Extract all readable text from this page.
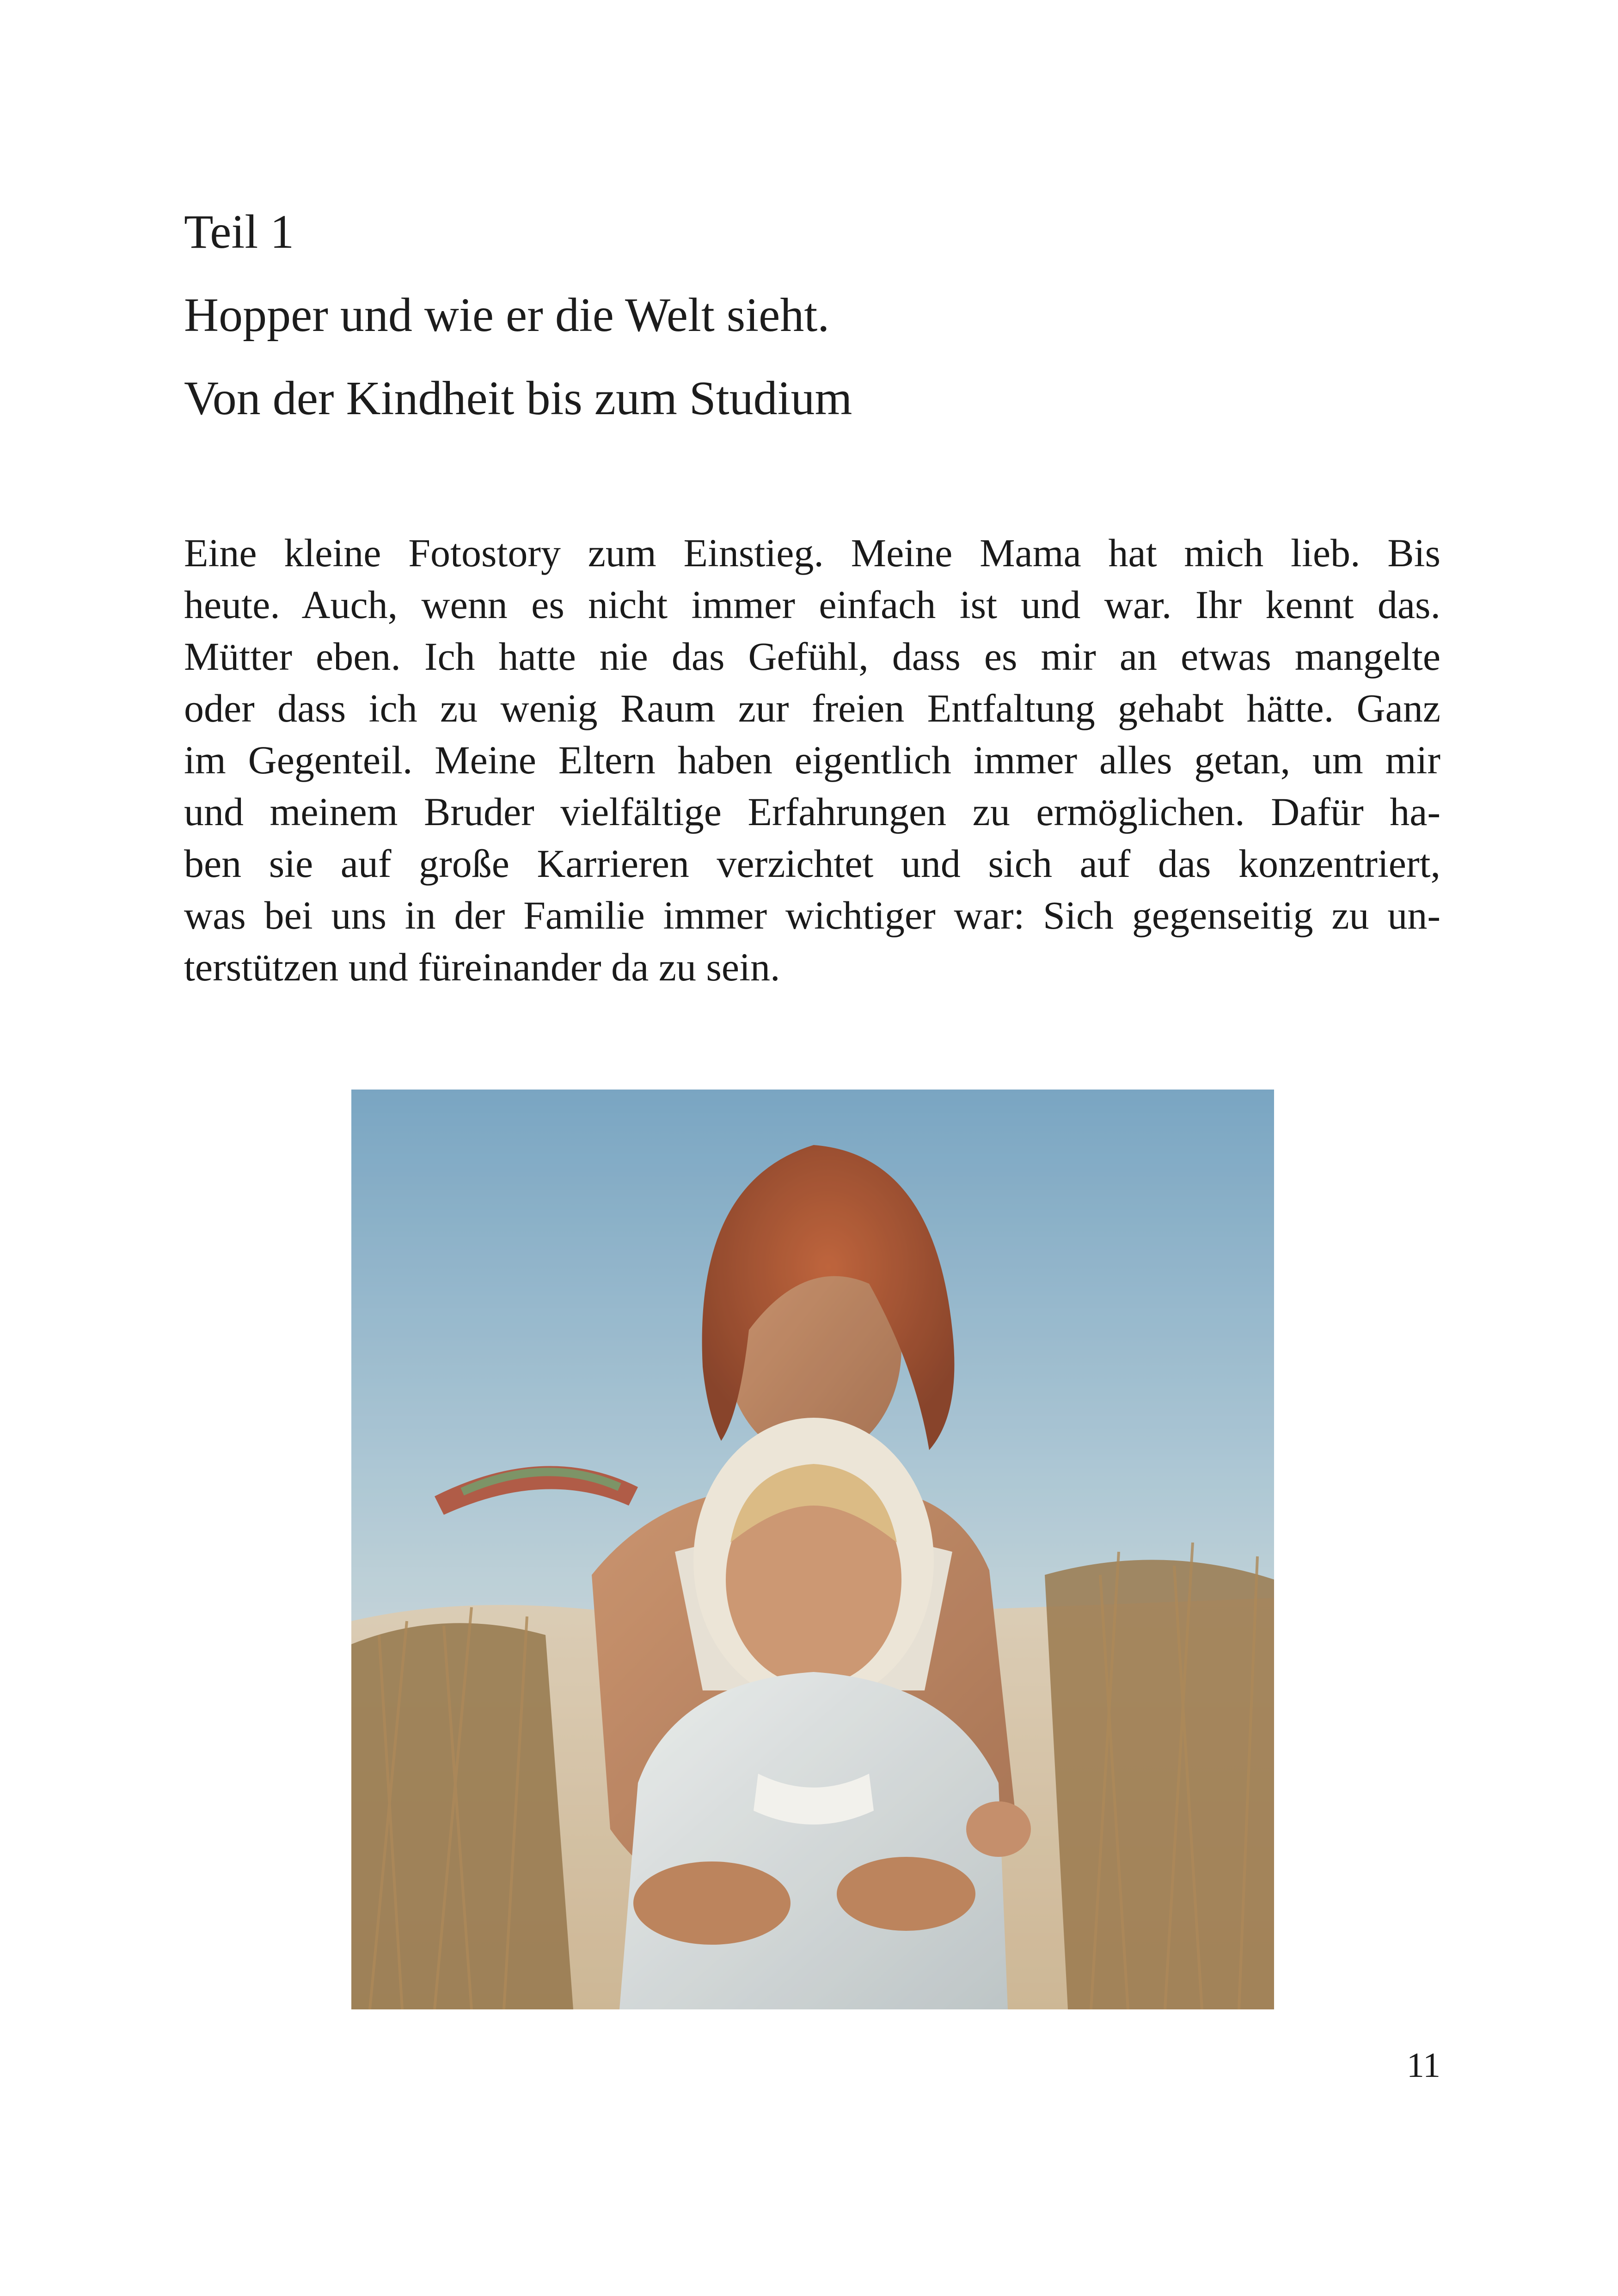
Teil 1
Hopper und wie er die Welt sieht.
Von der Kindheit bis zum Studium
Eine kleine Fotostory zum Einstieg. Meine Mama hat mich lieb. Bis
heute. Auch, wenn es nicht immer einfach ist und war. Ihr kennt das.
Mütter eben. Ich hatte nie das Gefühl, dass es mir an etwas mangelte
oder dass ich zu wenig Raum zur freien Entfaltung gehabt hätte. Ganz
im Gegenteil. Meine Eltern haben eigentlich immer alles getan, um mir
und meinem Bruder vielfältige Erfahrungen zu ermöglichen. Dafür ha-
ben sie auf große Karrieren verzichtet und sich auf das konzentriert,
was bei uns in der Familie immer wichtiger war: Sich gegenseitig zu un-
terstützen und füreinander da zu sein.
11
